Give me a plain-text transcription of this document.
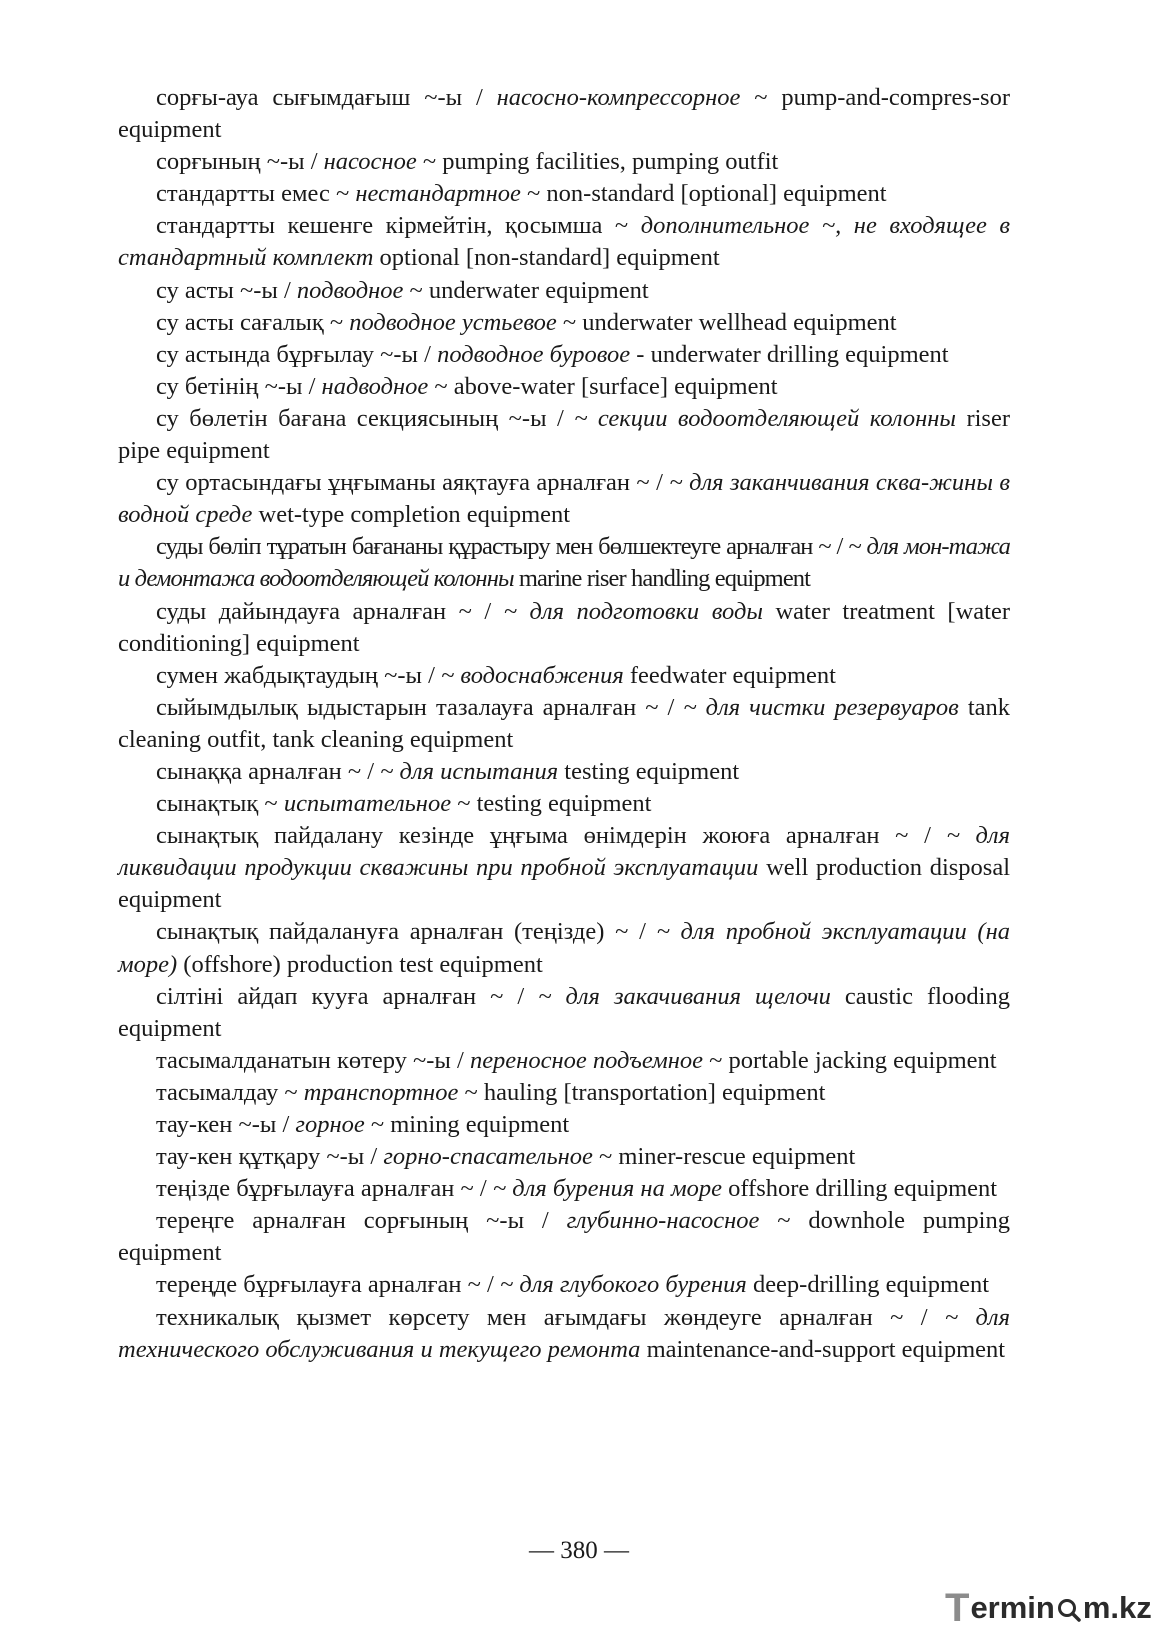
сорғы-ауа сығымдағыш ~-ы / насосно-компрессорное ~ pump-and-compres-sor equipment

сорғының ~-ы / насосное ~ pumping facilities, pumping outfit

стандартты емес ~ нестандартное ~ non-standard [optional] equipment

стандартты кешенге кірмейтін, қосымша ~ дополнительное ~, не входящее в стандартный комплект optional [non-standard] equipment

су асты ~-ы / подводное ~ underwater equipment

су асты сағалық ~ подводное устьевое ~ underwater wellhead equipment

су астында бұрғылау ~-ы / подводное буровое - underwater drilling equipment

су бетінің ~-ы / надводное ~ above-water [surface] equipment

су бөлетін бағана секциясының ~-ы / ~ секции водоотделяющей колонны riser pipe equipment

су ортасындағы ұңғыманы аяқтауға арналған ~ / ~ для заканчивания сква-жины в водной среде wet-type completion equipment

суды бөліп тұратын бағананы құрастыру мен бөлшектеуге арналған ~ / ~ для мон-тажа и демонтажа водоотделяющей колонны marine riser handling equipment

суды дайындауға арналған ~ / ~ для подготовки воды water treatment [water conditioning] equipment

сумен жабдықтаудың ~-ы / ~ водоснабжения feedwater equipment

сыйымдылық ыдыстарын тазалауға арналған ~ / ~ для чистки резервуаров tank cleaning outfit, tank cleaning equipment

сынаққа арналған ~ / ~ для испытания testing equipment

сынақтық ~ испытательное ~ testing equipment

сынақтық пайдалану кезінде ұңғыма өнімдерін жоюға арналған ~ / ~ для ликвидации продукции скважины при пробной эксплуатации well production disposal equipment

сынақтық пайдалануға арналған (теңізде) ~ / ~ для пробной эксплуатации (на море) (offshore) production test equipment

сілтіні айдап кууға арналған ~ / ~ для закачивания щелочи caustic flooding equipment

тасымалданатын көтеру ~-ы / переносное подъемное ~ portable jacking equipment

тасымалдау ~ транспортное ~ hauling [transportation] equipment

тау-кен ~-ы / горное ~ mining equipment

тау-кен құтқару ~-ы / горно-спасательное ~ miner-rescue equipment

теңізде бұрғылауға арналған ~ / ~ для бурения на море offshore drilling equipment

тереңге арналған сорғының ~-ы / глубинно-насосное ~ downhole pumping equipment

тереңде бұрғылауға арналған ~ / ~ для глубокого бурения deep-drilling equipment

техникалық қызмет көрсету мен ағымдағы жөндеуге арналған ~ / ~ для технического обслуживания и текущего ремонта maintenance-and-support equipment

— 380 —
T ermin m.kz
